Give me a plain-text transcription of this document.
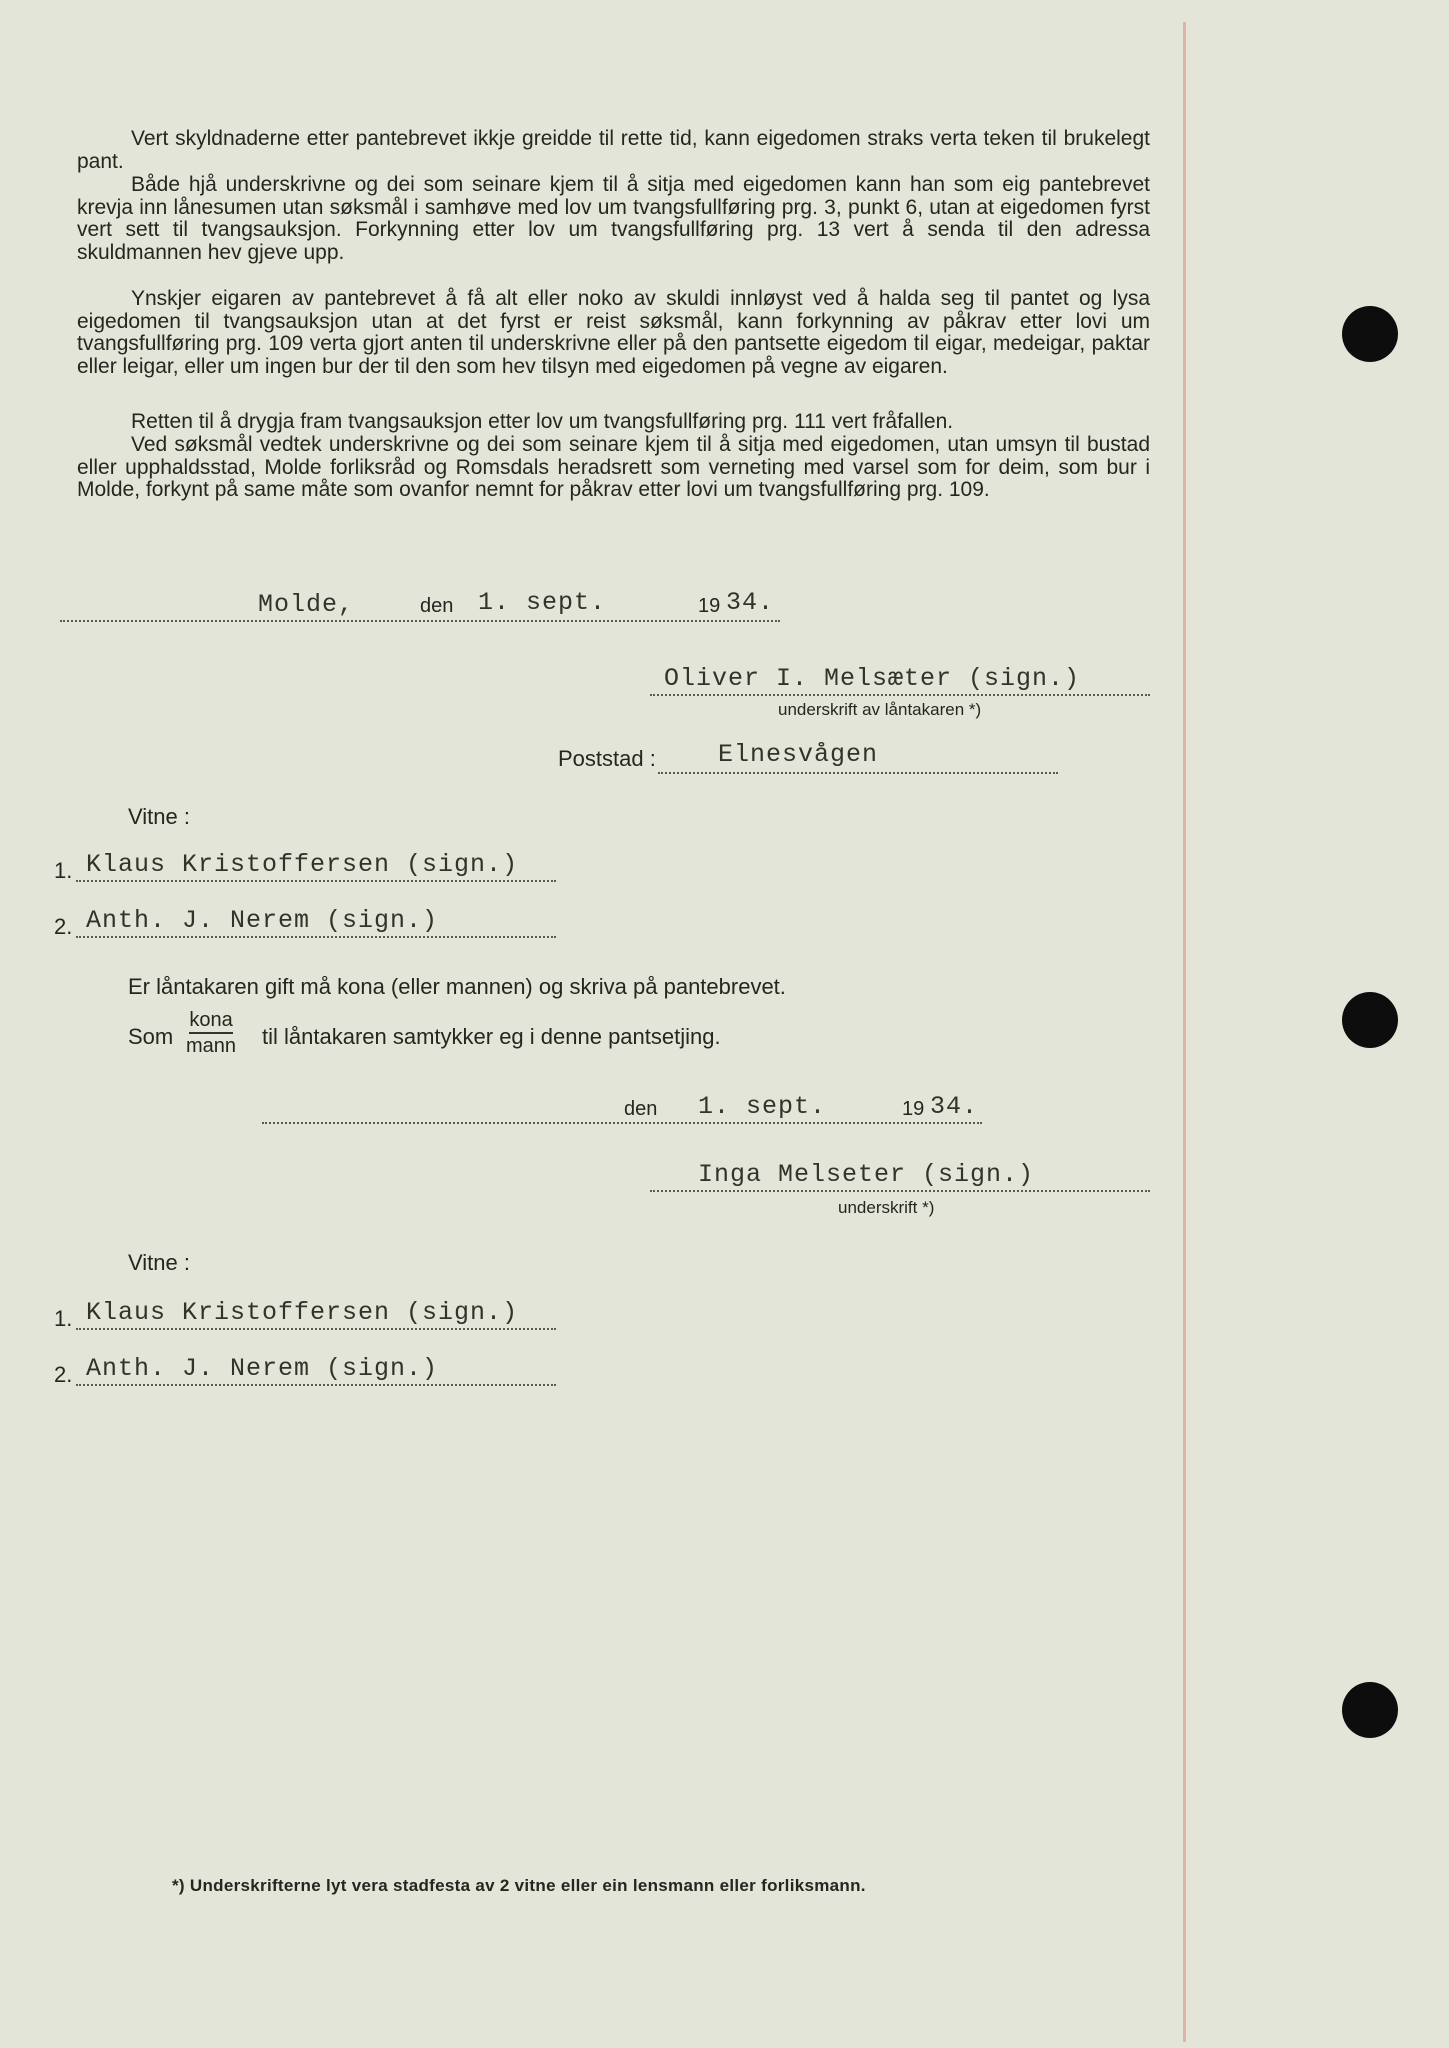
Vert skyldnaderne etter pantebrevet ikkje greidde til rette tid, kann eigedomen straks verta teken til brukelegt pant.

Både hjå underskrivne og dei som seinare kjem til å sitja med eigedomen kann han som eig pantebrevet krevja inn lånesumen utan søksmål i samhøve med lov um tvangsfullføring prg. 3, punkt 6, utan at eigedomen fyrst vert sett til tvangsauksjon. Forkynning etter lov um tvangsfullføring prg. 13 vert å senda til den adressa skuldmannen hev gjeve upp.

Ynskjer eigaren av pantebrevet å få alt eller noko av skuldi innløyst ved å halda seg til pantet og lysa eigedomen til tvangsauksjon utan at det fyrst er reist søksmål, kann forkynning av påkrav etter lovi um tvangsfullføring prg. 109 verta gjort anten til underskrivne eller på den pantsette eigedom til eigar, medeigar, paktar eller leigar, eller um ingen bur der til den som hev tilsyn med eigedomen på vegne av eigaren.

Retten til å drygja fram tvangsauksjon etter lov um tvangsfullføring prg. 111 vert fråfallen.

Ved søksmål vedtek underskrivne og dei som seinare kjem til å sitja med eigedomen, utan umsyn til bustad eller upphaldsstad, Molde forliksråd og Romsdals heradsrett som verneting med varsel som for deim, som bur i Molde, forkynt på same måte som ovanfor nemnt for påkrav etter lovi um tvangsfullføring prg. 109.

Molde,	den 1. sept.	19 34.
Oliver I. Melsæter (sign.)
underskrift av låntakaren *)
Poststad : Elnesvågen
Vitne :
1. Klaus Kristoffersen (sign.)
2. Anth. J. Nerem (sign.)
Er låntakaren gift må kona (eller mannen) og skriva på pantebrevet.
Som
kona
mann til låntakaren samtykker eg i denne pantsetjing.
den 1. sept.	19 34.
Inga Melseter (sign.)
underskrift *)
Vitne :
1. Klaus Kristoffersen (sign.)
2. Anth. J. Nerem (sign.)
*) Underskrifterne lyt vera stadfesta av 2 vitne eller ein lensmann eller forliksmann.
